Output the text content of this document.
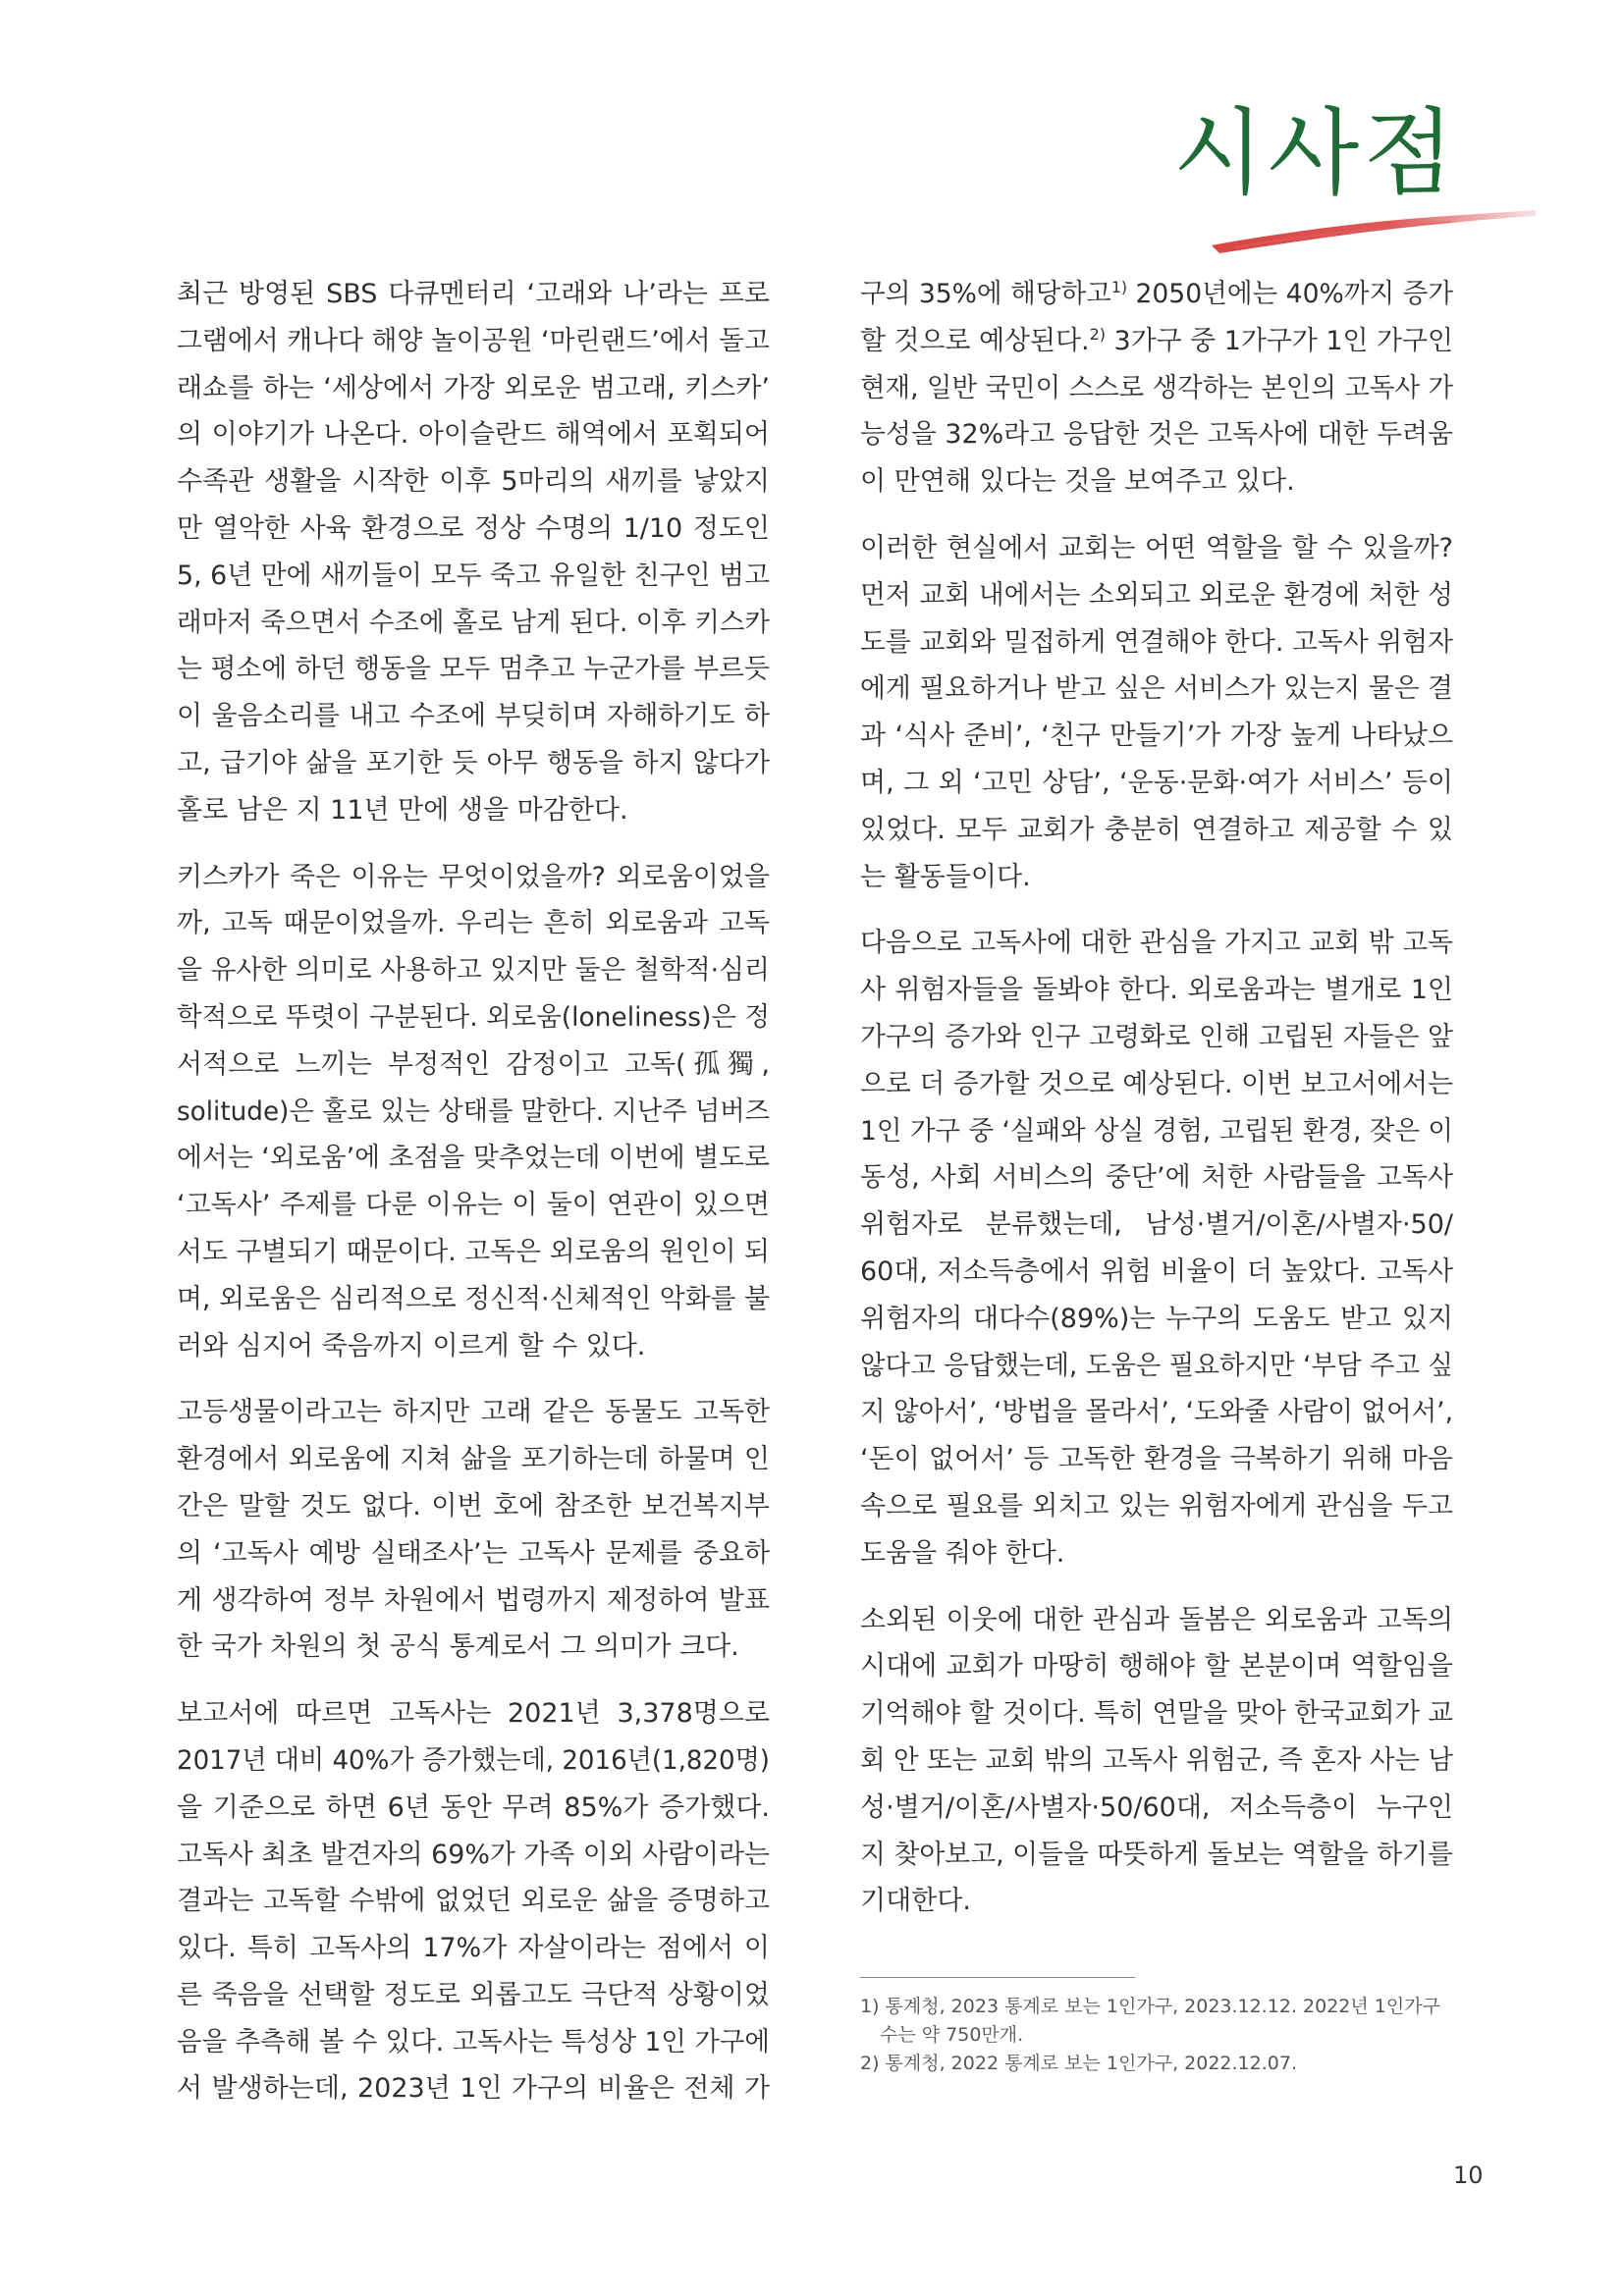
시사점

최근 방영된 SBS 다큐멘터리 ‘고래와 나’라는 프로
그램에서 캐나다 해양 놀이공원 ‘마린랜드’에서 돌고
래쇼를 하는 ‘세상에서 가장 외로운 범고래, 키스카’
의 이야기가 나온다. 아이슬란드 해역에서 포획되어
수족관 생활을 시작한 이후 5마리의 새끼를 낳았지
만 열악한 사육 환경으로 정상 수명의 1/10 정도인
5, 6년 만에 새끼들이 모두 죽고 유일한 친구인 범고
래마저 죽으면서 수조에 홀로 남게 된다. 이후 키스카
는 평소에 하던 행동을 모두 멈추고 누군가를 부르듯
이 울음소리를 내고 수조에 부딪히며 자해하기도 하
고, 급기야 삶을 포기한 듯 아무 행동을 하지 않다가
홀로 남은 지 11년 만에 생을 마감한다.

키스카가 죽은 이유는 무엇이었을까? 외로움이었을
까, 고독 때문이었을까. 우리는 흔히 외로움과 고독
을 유사한 의미로 사용하고 있지만 둘은 철학적·심리
학적으로 뚜렷이 구분된다. 외로움(loneliness)은 정
서적으로 느끼는 부정적인 감정이고 고독(孤獨,
solitude)은 홀로 있는 상태를 말한다. 지난주 넘버즈
에서는 ‘외로움’에 초점을 맞추었는데 이번에 별도로
‘고독사’ 주제를 다룬 이유는 이 둘이 연관이 있으면
서도 구별되기 때문이다. 고독은 외로움의 원인이 되
며, 외로움은 심리적으로 정신적·신체적인 악화를 불
러와 심지어 죽음까지 이르게 할 수 있다.

고등생물이라고는 하지만 고래 같은 동물도 고독한
환경에서 외로움에 지쳐 삶을 포기하는데 하물며 인
간은 말할 것도 없다. 이번 호에 참조한 보건복지부
의 ‘고독사 예방 실태조사’는 고독사 문제를 중요하
게 생각하여 정부 차원에서 법령까지 제정하여 발표
한 국가 차원의 첫 공식 통계로서 그 의미가 크다.

보고서에 따르면 고독사는 2021년 3,378명으로
2017년 대비 40%가 증가했는데, 2016년(1,820명)
을 기준으로 하면 6년 동안 무려 85%가 증가했다.
고독사 최초 발견자의 69%가 가족 이외 사람이라는
결과는 고독할 수밖에 없었던 외로운 삶을 증명하고
있다. 특히 고독사의 17%가 자살이라는 점에서 이
른 죽음을 선택할 정도로 외롭고도 극단적 상황이었
음을 추측해 볼 수 있다. 고독사는 특성상 1인 가구에
서 발생하는데, 2023년 1인 가구의 비율은 전체 가

구의 35%에 해당하고$^{1)}$ 2050년에는 40%까지 증가
할 것으로 예상된다.$^{2)}$ 3가구 중 1가구가 1인 가구인
현재, 일반 국민이 스스로 생각하는 본인의 고독사 가
능성을 32%라고 응답한 것은 고독사에 대한 두려움
이 만연해 있다는 것을 보여주고 있다.

이러한 현실에서 교회는 어떤 역할을 할 수 있을까?
먼저 교회 내에서는 소외되고 외로운 환경에 처한 성
도를 교회와 밀접하게 연결해야 한다. 고독사 위험자
에게 필요하거나 받고 싶은 서비스가 있는지 물은 결
과 ‘식사 준비’, ‘친구 만들기’가 가장 높게 나타났으
며, 그 외 ‘고민 상담’, ‘운동·문화·여가 서비스’ 등이
있었다. 모두 교회가 충분히 연결하고 제공할 수 있
는 활동들이다.

다음으로 고독사에 대한 관심을 가지고 교회 밖 고독
사 위험자들을 돌봐야 한다. 외로움과는 별개로 1인
가구의 증가와 인구 고령화로 인해 고립된 자들은 앞
으로 더 증가할 것으로 예상된다. 이번 보고서에서는
1인 가구 중 ‘실패와 상실 경험, 고립된 환경, 잦은 이
동성, 사회 서비스의 중단’에 처한 사람들을 고독사
위험자로 분류했는데, 남성·별거/이혼/사별자·50/
60대, 저소득층에서 위험 비율이 더 높았다. 고독사
위험자의 대다수(89%)는 누구의 도움도 받고 있지
않다고 응답했는데, 도움은 필요하지만 ‘부담 주고 싶
지 않아서’, ‘방법을 몰라서’, ‘도와줄 사람이 없어서’,
‘돈이 없어서’ 등 고독한 환경을 극복하기 위해 마음
속으로 필요를 외치고 있는 위험자에게 관심을 두고
도움을 줘야 한다.

소외된 이웃에 대한 관심과 돌봄은 외로움과 고독의
시대에 교회가 마땅히 행해야 할 본분이며 역할임을
기억해야 할 것이다. 특히 연말을 맞아 한국교회가 교
회 안 또는 교회 밖의 고독사 위험군, 즉 혼자 사는 남
성·별거/이혼/사별자·50/60대, 저소득층이 누구인
지 찾아보고, 이들을 따뜻하게 돌보는 역할을 하기를
기대한다.

1) 통계청, 2023 통계로 보는 1인가구, 2023.12.12. 2022년 1인가구
수는 약 750만개.
2) 통계청, 2022 통계로 보는 1인가구, 2022.12.07.
10
